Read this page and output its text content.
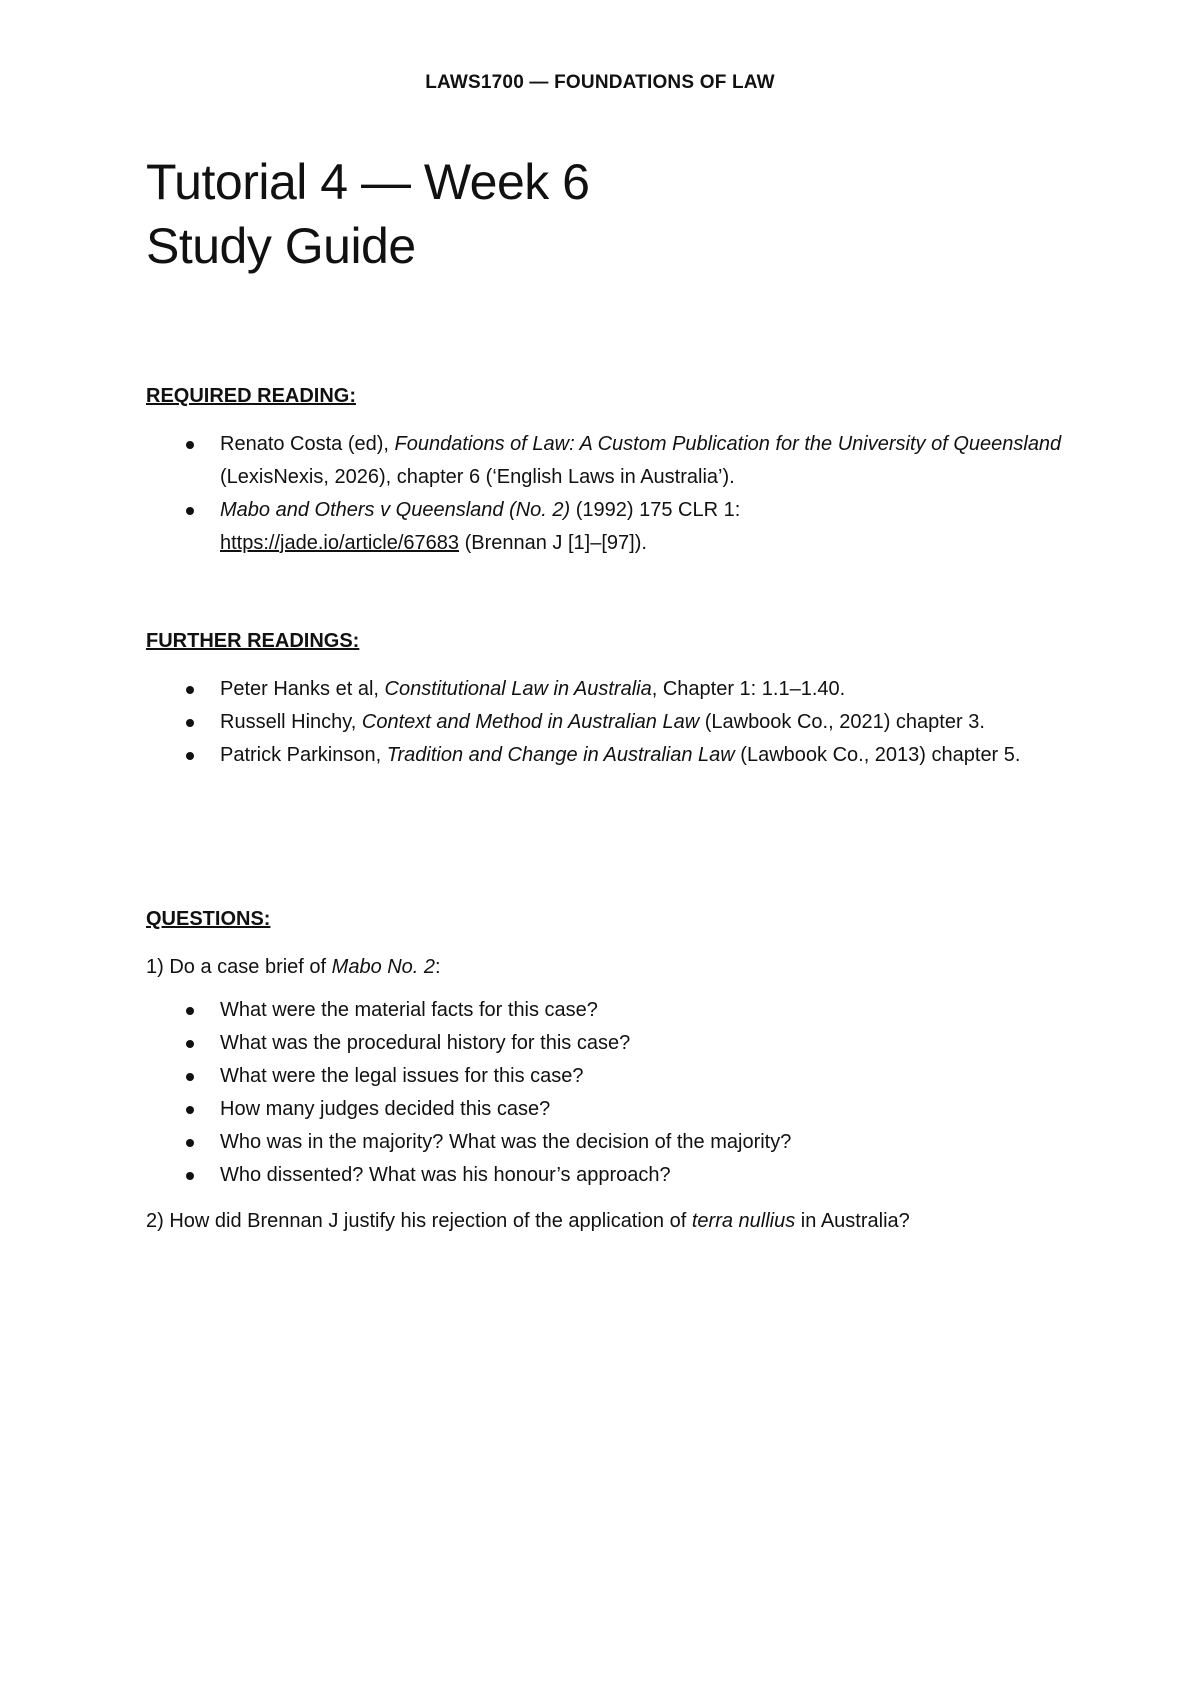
LAWS1700 — FOUNDATIONS OF LAW
Tutorial 4 — Week 6
Study Guide

REQUIRED READING:

Renato Costa (ed), Foundations of Law: A Custom Publication for the University of Queensland (LexisNexis, 2026), chapter 6 (‘English Laws in Australia’).
Mabo and Others v Queensland (No. 2) (1992) 175 CLR 1:
https://jade.io/article/67683 (Brennan J [1]–[97]).

FURTHER READINGS:

Peter Hanks et al, Constitutional Law in Australia, Chapter 1: 1.1–1.40.
Russell Hinchy, Context and Method in Australian Law (Lawbook Co., 2021) chapter 3.
Patrick Parkinson, Tradition and Change in Australian Law (Lawbook Co., 2013) chapter 5.

QUESTIONS:

1) Do a case brief of Mabo No. 2:

What were the material facts for this case?
What was the procedural history for this case?
What were the legal issues for this case?
How many judges decided this case?
Who was in the majority? What was the decision of the majority?
Who dissented? What was his honour’s approach?

2) How did Brennan J justify his rejection of the application of terra nullius in Australia?
